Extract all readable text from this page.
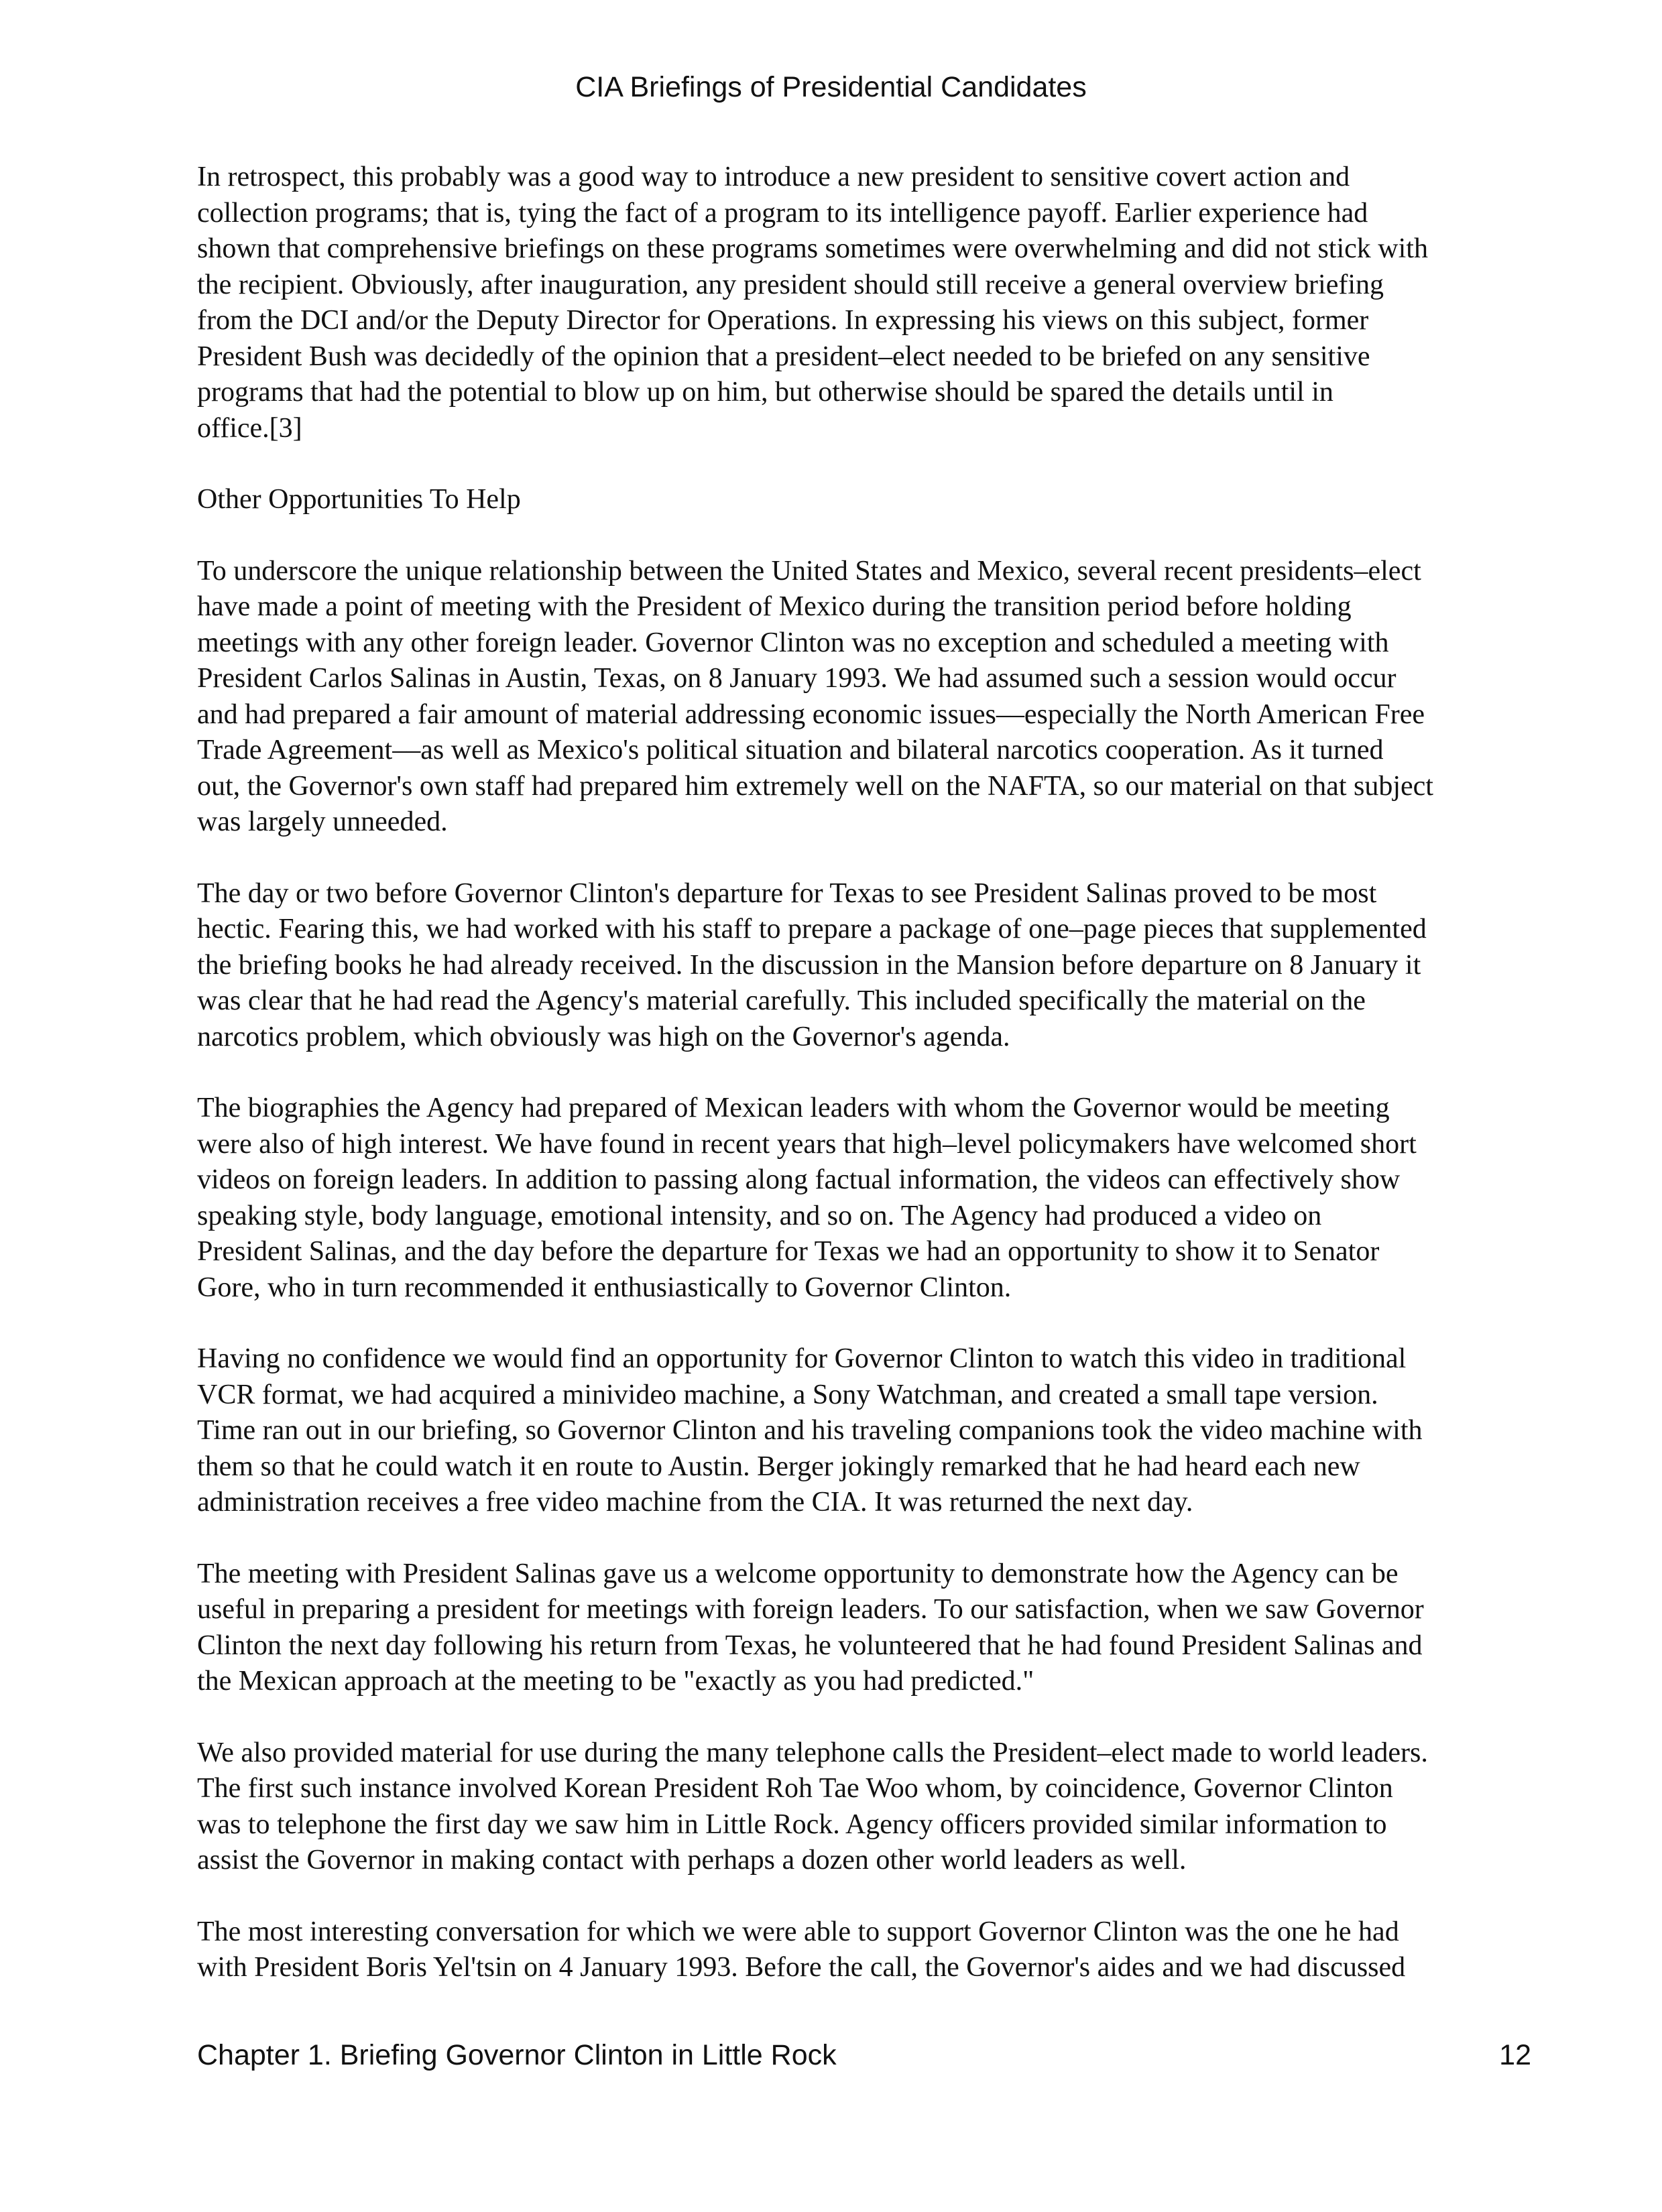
CIA Briefings of Presidential Candidates

In retrospect, this probably was a good way to introduce a new president to sensitive covert action and
collection programs; that is, tying the fact of a program to its intelligence payoff. Earlier experience had
shown that comprehensive briefings on these programs sometimes were overwhelming and did not stick with
the recipient. Obviously, after inauguration, any president should still receive a general overview briefing
from the DCI and/or the Deputy Director for Operations. In expressing his views on this subject, former
President Bush was decidedly of the opinion that a president–elect needed to be briefed on any sensitive
programs that had the potential to blow up on him, but otherwise should be spared the details until in
office.[3]

Other Opportunities To Help

To underscore the unique relationship between the United States and Mexico, several recent presidents–elect
have made a point of meeting with the President of Mexico during the transition period before holding
meetings with any other foreign leader. Governor Clinton was no exception and scheduled a meeting with
President Carlos Salinas in Austin, Texas, on 8 January 1993. We had assumed such a session would occur
and had prepared a fair amount of material addressing economic issues––especially the North American Free
Trade Agreement––as well as Mexico's political situation and bilateral narcotics cooperation. As it turned
out, the Governor's own staff had prepared him extremely well on the NAFTA, so our material on that subject
was largely unneeded.

The day or two before Governor Clinton's departure for Texas to see President Salinas proved to be most
hectic. Fearing this, we had worked with his staff to prepare a package of one–page pieces that supplemented
the briefing books he had already received. In the discussion in the Mansion before departure on 8 January it
was clear that he had read the Agency's material carefully. This included specifically the material on the
narcotics problem, which obviously was high on the Governor's agenda.

The biographies the Agency had prepared of Mexican leaders with whom the Governor would be meeting
were also of high interest. We have found in recent years that high–level policymakers have welcomed short
videos on foreign leaders. In addition to passing along factual information, the videos can effectively show
speaking style, body language, emotional intensity, and so on. The Agency had produced a video on
President Salinas, and the day before the departure for Texas we had an opportunity to show it to Senator
Gore, who in turn recommended it enthusiastically to Governor Clinton.

Having no confidence we would find an opportunity for Governor Clinton to watch this video in traditional
VCR format, we had acquired a minivideo machine, a Sony Watchman, and created a small tape version.
Time ran out in our briefing, so Governor Clinton and his traveling companions took the video machine with
them so that he could watch it en route to Austin. Berger jokingly remarked that he had heard each new
administration receives a free video machine from the CIA. It was returned the next day.

The meeting with President Salinas gave us a welcome opportunity to demonstrate how the Agency can be
useful in preparing a president for meetings with foreign leaders. To our satisfaction, when we saw Governor
Clinton the next day following his return from Texas, he volunteered that he had found President Salinas and
the Mexican approach at the meeting to be "exactly as you had predicted."

We also provided material for use during the many telephone calls the President–elect made to world leaders.
The first such instance involved Korean President Roh Tae Woo whom, by coincidence, Governor Clinton
was to telephone the first day we saw him in Little Rock. Agency officers provided similar information to
assist the Governor in making contact with perhaps a dozen other world leaders as well.

The most interesting conversation for which we were able to support Governor Clinton was the one he had
with President Boris Yel'tsin on 4 January 1993. Before the call, the Governor's aides and we had discussed

Chapter 1. Briefing Governor Clinton in Little Rock	12
